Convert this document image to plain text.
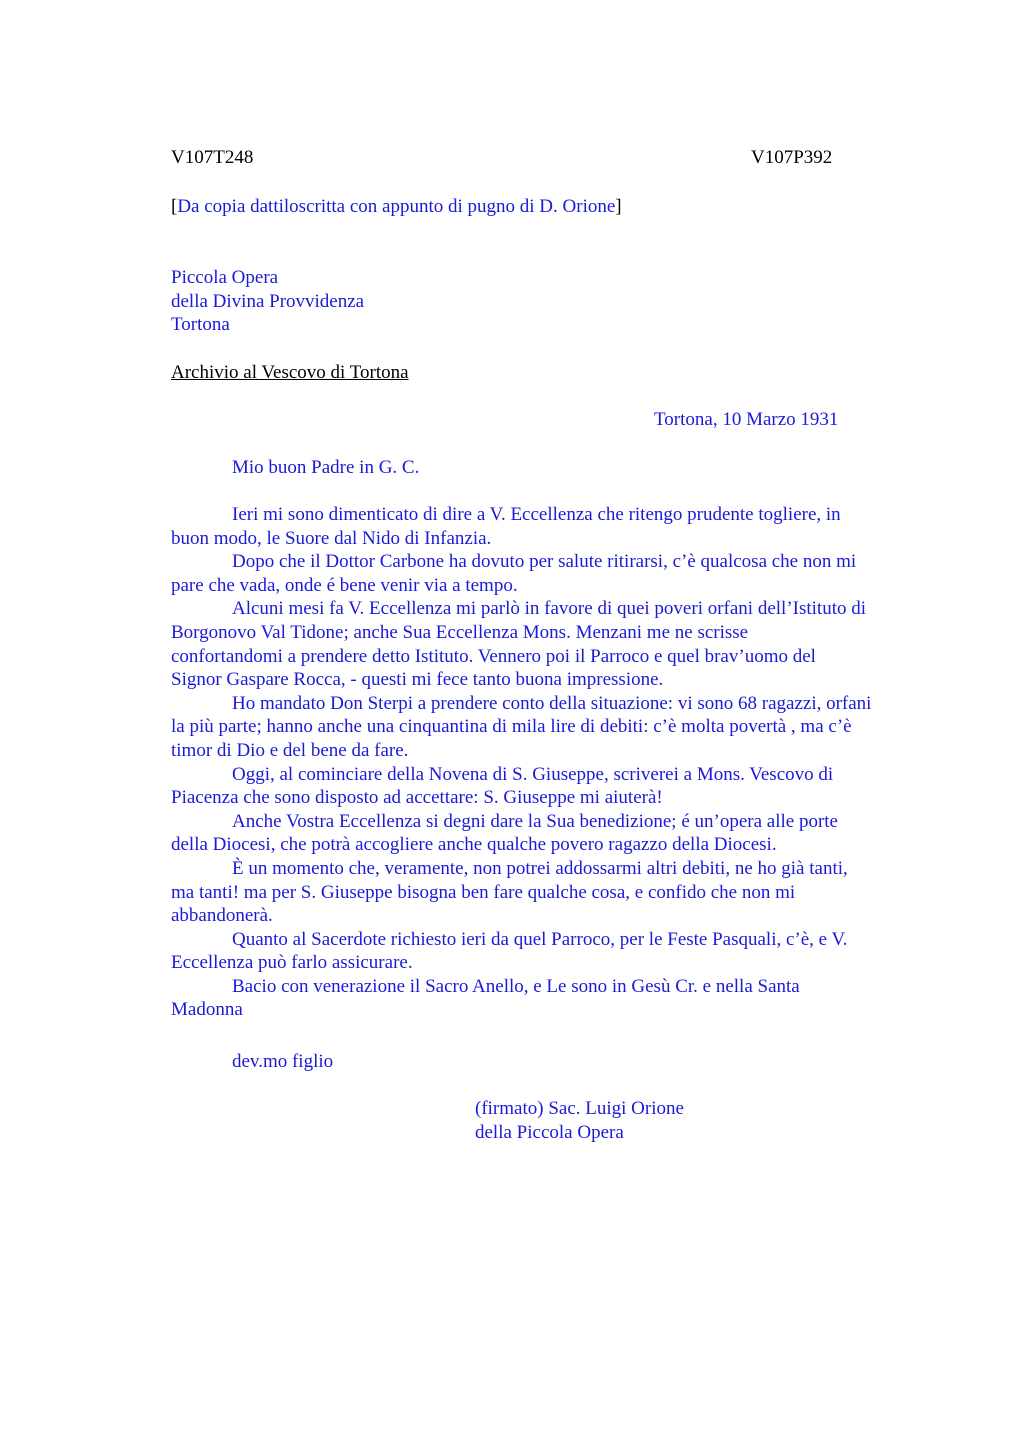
V107T248	V107P392
[Da copia dattiloscritta con appunto di pugno di D. Orione]
Piccola Opera
della Divina Provvidenza
Tortona
Archivio al Vescovo di Tortona
Tortona, 10 Marzo 1931
Mio buon Padre in G. C.
Ieri mi sono dimenticato di dire a V. Eccellenza che ritengo prudente togliere, in
buon modo, le Suore dal Nido di Infanzia.
Dopo che il Dottor Carbone ha dovuto per salute ritirarsi, c’è qualcosa che non mi
pare che vada, onde é bene venir via a tempo.
Alcuni mesi fa V. Eccellenza mi parlò in favore di quei poveri orfani dell’Istituto di
Borgonovo Val Tidone; anche Sua Eccellenza Mons. Menzani me ne scrisse
confortandomi a prendere detto Istituto. Vennero poi il Parroco e quel brav’uomo del
Signor Gaspare Rocca, - questi mi fece tanto buona impressione.
Ho mandato Don Sterpi a prendere conto della situazione: vi sono 68 ragazzi, orfani
la più parte; hanno anche una cinquantina di mila lire di debiti: c’è molta povertà , ma c’è
timor di Dio e del bene da fare.
Oggi, al cominciare della Novena di S. Giuseppe, scriverei a Mons. Vescovo di
Piacenza che sono disposto ad accettare: S. Giuseppe mi aiuterà!
Anche Vostra Eccellenza si degni dare la Sua benedizione; é un’opera alle porte
della Diocesi, che potrà accogliere anche qualche povero ragazzo della Diocesi.
È un momento che, veramente, non potrei addossarmi altri debiti, ne ho già tanti,
ma tanti! ma per S. Giuseppe bisogna ben fare qualche cosa, e confido che non mi
abbandonerà.
Quanto al Sacerdote richiesto ieri da quel Parroco, per le Feste Pasquali, c’è, e V.
Eccellenza può farlo assicurare.
Bacio con venerazione il Sacro Anello, e Le sono in Gesù Cr. e nella Santa
Madonna
dev.mo figlio
(firmato) Sac. Luigi Orione
della Piccola Opera
